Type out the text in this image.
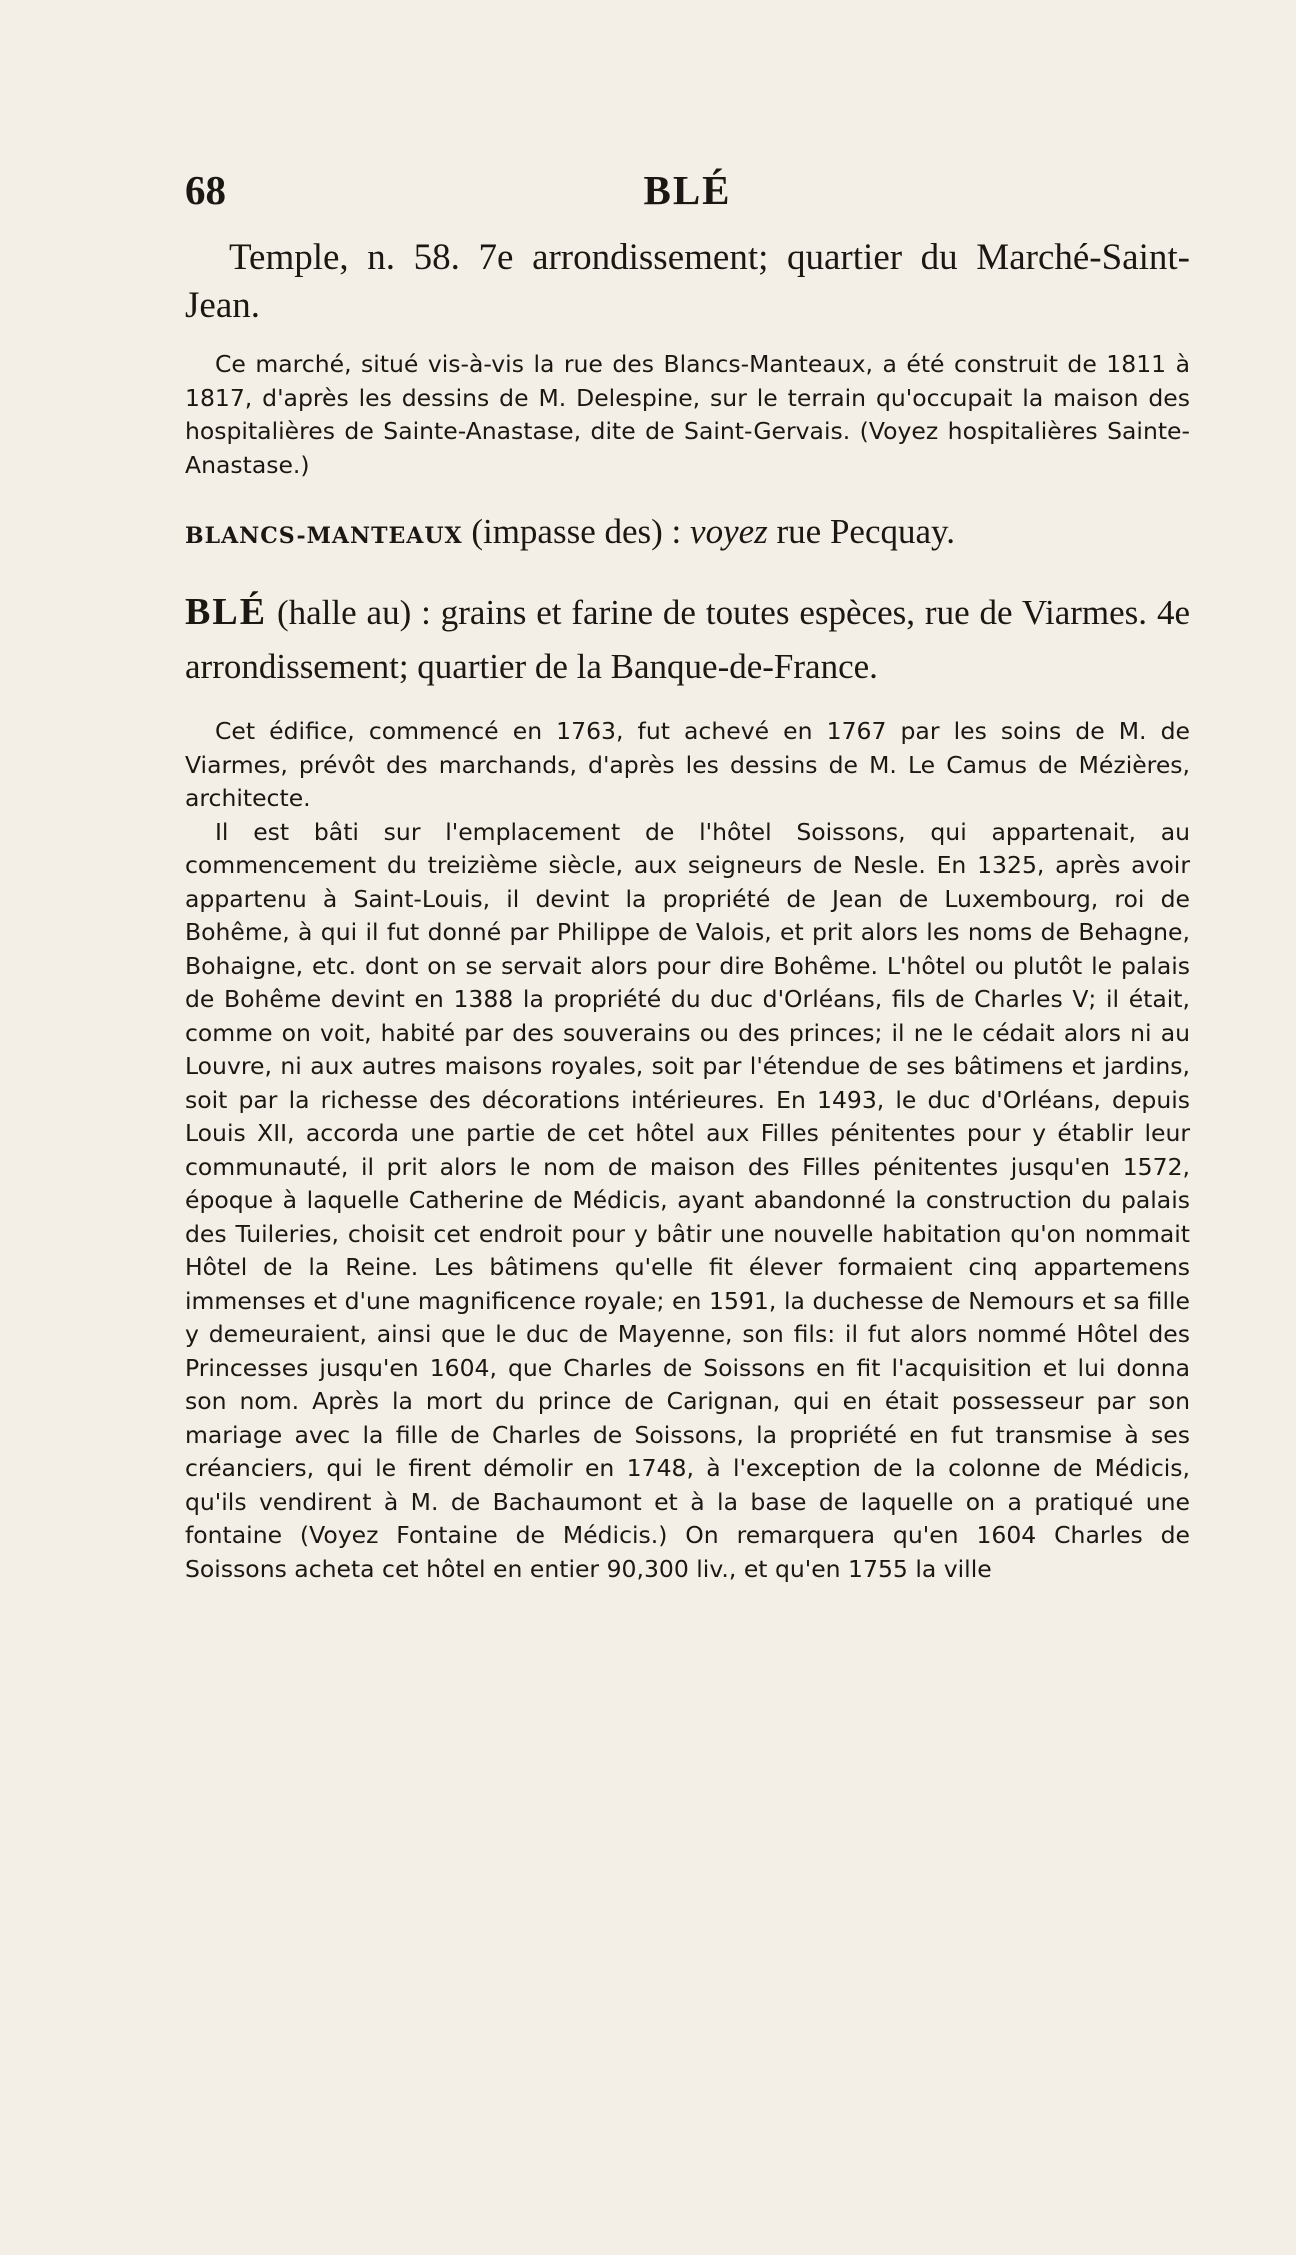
68	BLÉ

Temple, n. 58. 7e arrondissement; quartier du Marché-Saint-Jean.

Ce marché, situé vis-à-vis la rue des Blancs-Manteaux, a été construit de 1811 à 1817, d'après les dessins de M. Delespine, sur le terrain qu'occupait la maison des hospitalières de Sainte-Anastase, dite de Saint-Gervais. (Voyez hospitalières Sainte-Anastase.)

BLANCS-MANTEAUX (impasse des) : voyez rue Pecquay.

BLÉ (halle au) : grains et farine de toutes espèces, rue de Viarmes. 4e arrondissement; quartier de la Banque-de-France.

Cet édifice, commencé en 1763, fut achevé en 1767 par les soins de M. de Viarmes, prévôt des marchands, d'après les dessins de M. Le Camus de Mézières, architecte.

Il est bâti sur l'emplacement de l'hôtel Soissons, qui appartenait, au commencement du treizième siècle, aux seigneurs de Nesle. En 1325, après avoir appartenu à Saint-Louis, il devint la propriété de Jean de Luxembourg, roi de Bohême, à qui il fut donné par Philippe de Valois, et prit alors les noms de Behagne, Bohaigne, etc. dont on se servait alors pour dire Bohême. L'hôtel ou plutôt le palais de Bohême devint en 1388 la propriété du duc d'Orléans, fils de Charles V; il était, comme on voit, habité par des souverains ou des princes; il ne le cédait alors ni au Louvre, ni aux autres maisons royales, soit par l'étendue de ses bâtimens et jardins, soit par la richesse des décorations intérieures. En 1493, le duc d'Orléans, depuis Louis XII, accorda une partie de cet hôtel aux Filles pénitentes pour y établir leur communauté, il prit alors le nom de maison des Filles pénitentes jusqu'en 1572, époque à laquelle Catherine de Médicis, ayant abandonné la construction du palais des Tuileries, choisit cet endroit pour y bâtir une nouvelle habitation qu'on nommait Hôtel de la Reine. Les bâtimens qu'elle fit élever formaient cinq appartemens immenses et d'une magnificence royale; en 1591, la duchesse de Nemours et sa fille y demeuraient, ainsi que le duc de Mayenne, son fils: il fut alors nommé Hôtel des Princesses jusqu'en 1604, que Charles de Soissons en fit l'acquisition et lui donna son nom. Après la mort du prince de Carignan, qui en était possesseur par son mariage avec la fille de Charles de Soissons, la propriété en fut transmise à ses créanciers, qui le firent démolir en 1748, à l'exception de la colonne de Médicis, qu'ils vendirent à M. de Bachaumont et à la base de laquelle on a pratiqué une fontaine (Voyez Fontaine de Médicis.) On remarquera qu'en 1604 Charles de Soissons acheta cet hôtel en entier 90,300 liv., et qu'en 1755 la ville
